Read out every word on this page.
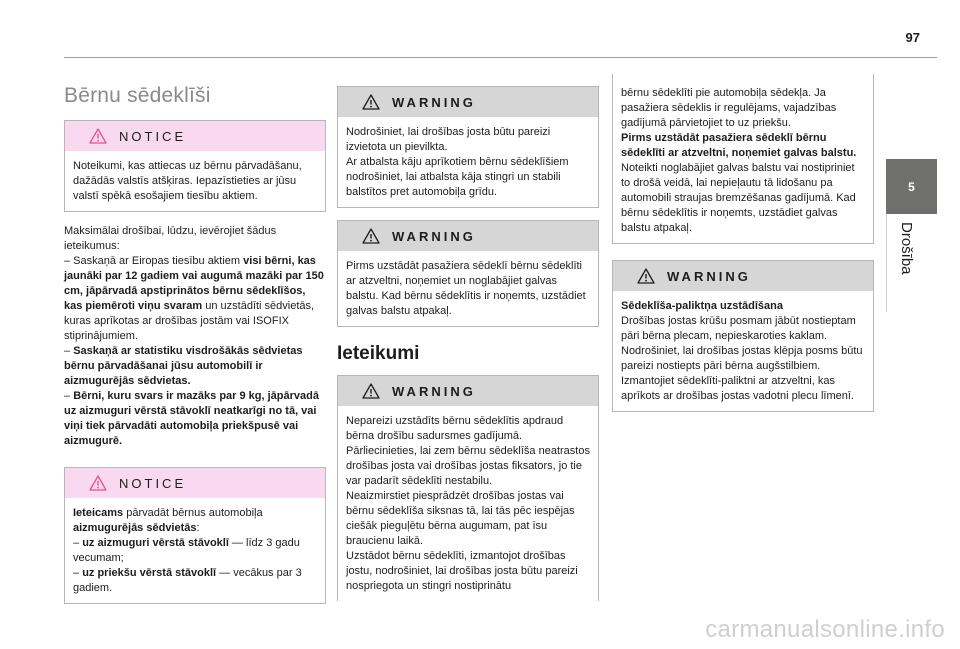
97
5
Drošība
Bērnu sēdeklīši
NOTICE
Noteikumi, kas attiecas uz bērnu pārvadāšanu, dažādās valstīs atšķiras. Iepazīstieties ar jūsu valstī spēkā esošajiem tiesību aktiem.

Maksimālai drošībai, lūdzu, ievērojiet šādus ieteikumus:

– Saskaņā ar Eiropas tiesību aktiem visi bērni, kas jaunāki par 12 gadiem vai augumā mazāki par 150 cm, jāpārvadā apstiprinātos bērnu sēdeklīšos, kas piemēroti viņu svaram un uzstādīti sēdvietās, kuras aprīkotas ar drošības jostām vai ISOFIX stiprinājumiem.

– Saskaņā ar statistiku visdrošākās sēdvietas bērnu pārvadāšanai jūsu automobilī ir aizmugurējās sēdvietas.

– Bērni, kuru svars ir mazāks par 9 kg, jāpārvadā uz aizmuguri vērstā stāvoklī neatkarīgi no tā, vai viņi tiek pārvadāti automobiļa priekšpusē vai aizmugurē.

NOTICE

Ieteicams pārvadāt bērnus automobiļa aizmugurējās sēdvietās:

– uz aizmuguri vērstā stāvoklī — līdz 3 gadu vecumam;

– uz priekšu vērstā stāvoklī — vecākus par 3 gadiem.

WARNING

Nodrošiniet, lai drošības josta būtu pareizi izvietota un pievilkta.

Ar atbalsta kāju aprīkotiem bērnu sēdeklīšiem nodrošiniet, lai atbalsta kāja stingri un stabili balstītos pret automobiļa grīdu.

WARNING
Pirms uzstādāt pasažiera sēdeklī bērnu sēdeklīti ar atzveltni, noņemiet un noglabājiet galvas balstu. Kad bērnu sēdeklītis ir noņemts, uzstādiet galvas balstu atpakaļ.
Ieteikumi
WARNING

Nepareizi uzstādīts bērnu sēdeklītis apdraud bērna drošību sadursmes gadījumā.

Pārliecinieties, lai zem bērnu sēdeklīša neatrastos drošības josta vai drošības jostas fiksators, jo tie var padarīt sēdeklīti nestabilu.

Neaizmirstiet piesprādzēt drošības jostas vai bērnu sēdeklīša siksnas tā, lai tās pēc iespējas ciešāk pieguļētu bērna augumam, pat īsu braucienu laikā.

Uzstādot bērnu sēdeklīti, izmantojot drošības jostu, nodrošiniet, lai drošības josta būtu pareizi nospriegota un stingri nostiprinātu

bērnu sēdeklīti pie automobiļa sēdekļa. Ja pasažiera sēdeklis ir regulējams, vajadzības gadījumā pārvietojiet to uz priekšu.

Pirms uzstādāt pasažiera sēdeklī bērnu sēdeklīti ar atzveltni, noņemiet galvas balstu.

Noteikti noglabājiet galvas balstu vai nostipriniet to drošā veidā, lai nepieļautu tā lidošanu pa automobili straujas bremzēšanas gadījumā. Kad bērnu sēdeklītis ir noņemts, uzstādiet galvas balstu atpakaļ.

WARNING

Sēdeklīša-paliktņa uzstādīšana

Drošības jostas krūšu posmam jābūt nostieptam pāri bērna plecam, nepieskaroties kaklam.

Nodrošiniet, lai drošības jostas klēpja posms būtu pareizi nostiepts pāri bērna augšstilbiem.

Izmantojiet sēdeklīti-paliktni ar atzveltni, kas aprīkots ar drošības jostas vadotni plecu līmenī.

carmanualsonline.info
